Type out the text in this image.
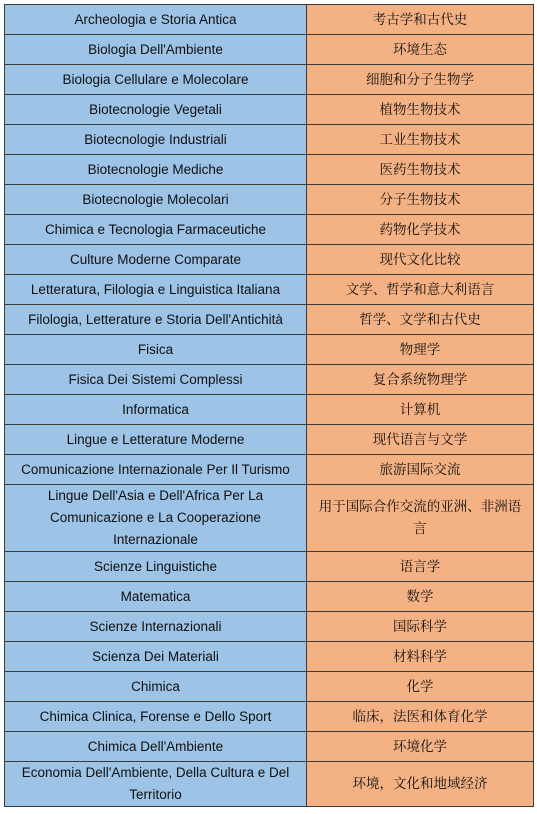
Archeologia e Storia Antica	考古学和古代史
Biologia Dell'Ambiente	环境生态
Biologia Cellulare e Molecolare	细胞和分子生物学
Biotecnologie Vegetali	植物生物技术
Biotecnologie Industriali	工业生物技术
Biotecnologie Mediche	医药生物技术
Biotecnologie Molecolari	分子生物技术
Chimica e Tecnologia Farmaceutiche	药物化学技术
Culture Moderne Comparate	现代文化比较
Letteratura, Filologia e Linguistica Italiana	文学、哲学和意大利语言
Filologia, Letterature e Storia Dell'Antichità	哲学、文学和古代史
Fisica	物理学
Fisica Dei Sistemi Complessi	复合系统物理学
Informatica	计算机
Lingue e Letterature Moderne	现代语言与文学
Comunicazione Internazionale Per Il Turismo	旅游国际交流
Lingue Dell'Asia e Dell'Africa Per La Comunicazione e La Cooperazione Internazionale	用于国际合作交流的亚洲、非洲语言
Scienze Linguistiche	语言学
Matematica	数学
Scienze Internazionali	国际科学
Scienza Dei Materiali	材料科学
Chimica	化学
Chimica Clinica, Forense e Dello Sport	临床，法医和体育化学
Chimica Dell'Ambiente	环境化学
Economia Dell'Ambiente, Della Cultura e Del Territorio	环境，文化和地域经济
